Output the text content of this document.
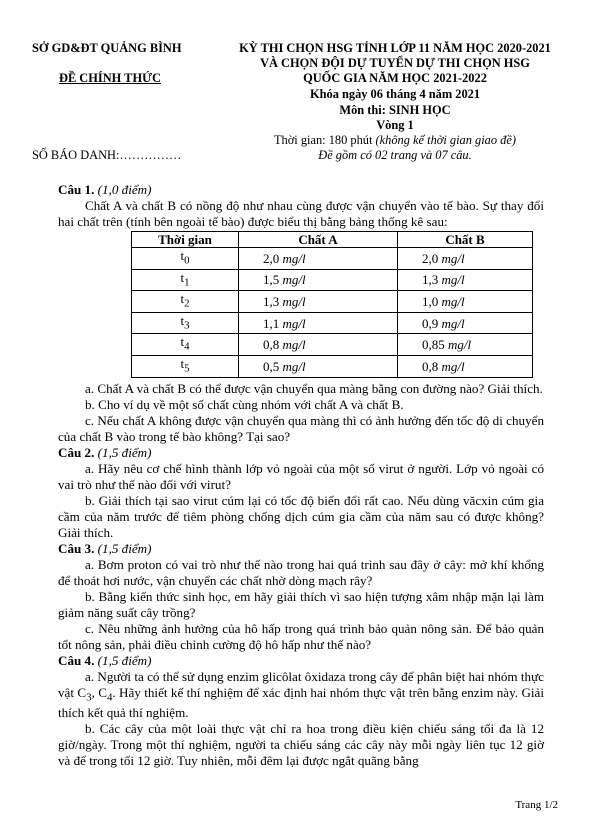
SỞ GD&ĐT QUẢNG BÌNH
ĐỀ CHÍNH THỨC
SỐ BÁO DANH:……………
KỲ THI CHỌN HSG TỈNH LỚP 11 NĂM HỌC 2020-2021
VÀ CHỌN ĐỘI DỰ TUYỂN DỰ THI CHỌN HSG
QUỐC GIA NĂM HỌC 2021-2022
Khóa ngày 06 tháng 4 năm 2021
Môn thi: SINH HỌC
Vòng 1
Thời gian: 180 phút (không kể thời gian giao đề)
Đề gồm có 02 trang và 07 câu.

Câu 1. (1,0 điểm)

Chất A và chất B có nồng độ như nhau cùng được vận chuyển vào tế bào. Sự thay đổi hai chất trên (tính bên ngoài tế bào) được biểu thị bằng bảng thống kê sau:

Thời gian	Chất A	Chất B
$t_0$	2,0 mg/l	2,0 mg/l
$t_1$	1,5 mg/l	1,3 mg/l
$t_2$	1,3 mg/l	1,0 mg/l
$t_3$	1,1 mg/l	0,9 mg/l
$t_4$	0,8 mg/l	0,85 mg/l
$t_5$	0,5 mg/l	0,8 mg/l

a. Chất A và chất B có thể được vận chuyển qua màng bằng con đường nào? Giải thích.

b. Cho ví dụ về một số chất cùng nhóm với chất A và chất B.

c. Nếu chất A không được vận chuyển qua màng thì có ảnh hưởng đến tốc độ di chuyển của chất B vào trong tế bào không? Tại sao?

Câu 2. (1,5 điểm)

a. Hãy nêu cơ chế hình thành lớp vỏ ngoài của một số virut ở người. Lớp vỏ ngoài có vai trò như thế nào đối với virut?

b. Giải thích tại sao virut cúm lại có tốc độ biến đổi rất cao. Nếu dùng văcxin cúm gia cầm của năm trước để tiêm phòng chống dịch cúm gia cầm của năm sau có được không? Giải thích.

Câu 3. (1,5 điểm)

a. Bơm proton có vai trò như thế nào trong hai quá trình sau đây ở cây: mở khí khổng để thoát hơi nước, vận chuyển các chất nhờ dòng mạch rây?

b. Bằng kiến thức sinh học, em hãy giải thích vì sao hiện tượng xâm nhập mặn lại làm giảm năng suất cây trồng?

c. Nêu những ảnh hưởng của hô hấp trong quá trình bảo quản nông sản. Để bảo quản tốt nông sản, phải điều chỉnh cường độ hô hấp như thế nào?

Câu 4. (1,5 điểm)

a. Người ta có thể sử dụng enzim glicôlat ôxidaza trong cây để phân biệt hai nhóm thực vật $C_3$, $C_4$. Hãy thiết kế thí nghiệm để xác định hai nhóm thực vật trên bằng enzim này. Giải thích kết quả thí nghiệm.

b. Các cây của một loài thực vật chỉ ra hoa trong điều kiện chiếu sáng tối đa là 12 giờ/ngày. Trong một thí nghiệm, người ta chiếu sáng các cây này mỗi ngày liên tục 12 giờ và để trong tối 12 giờ. Tuy nhiên, mỗi đêm lại được ngắt quãng bằng

Trang 1/2
